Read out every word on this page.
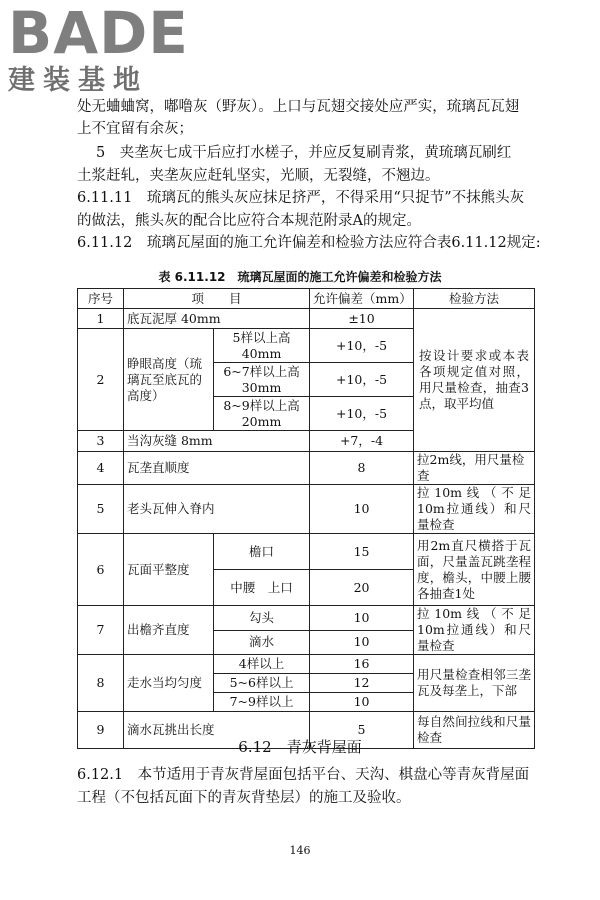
BADE
建装基地
处无蛐蛐窝，嘟噜灰（野灰）。上口与瓦翅交接处应严实，琉璃瓦瓦翅
上不宜留有余灰；
5　夹垄灰七成干后应打水槎子，并应反复刷青浆，黄琉璃瓦刷红
土浆赶轧，夹垄灰应赶轧坚实，光顺，无裂缝，不翘边。
6.11.11　琉璃瓦的熊头灰应抹足挤严，不得采用“只捉节”不抹熊头灰
的做法，熊头灰的配合比应符合本规范附录A的规定。
6.11.12　琉璃瓦屋面的施工允许偏差和检验方法应符合表6.11.12规定:
表 6.11.12　琉璃瓦屋面的施工允许偏差和检验方法
序号	项　　目		允许偏差（mm）	检验方法
1	底瓦泥厚 40mm		±10	按设计要求或本表各项规定值对照，用尺量检查，抽查3点，取平均值
2	睁眼高度（琉璃瓦至底瓦的高度）	5样以上高40mm	+10，-5	
		6~7样以上高30mm	+10，-5	
		8~9样以上高20mm	+10，-5	
3	当沟灰缝 8mm		+7，-4	
4	瓦垄直顺度		8	拉2m线，用尺量检查
5	老头瓦伸入脊内		10	拉10m线（不足10m拉通线）和尺量检查
6	瓦面平整度	檐口	15	用2m直尺横搭于瓦面，尺量盖瓦跳垄程度，檐头，中腰上腰各抽查1处
		中腰　上口	20	
7	出檐齐直度	勾头	10	拉10m线（不足10m拉通线）和尺量检查
		滴水	10	
8	走水当均匀度	4样以上	16	用尺量检查相邻三垄瓦及每垄上，下部
		5~6样以上	12	
		7~9样以上	10	
9	滴水瓦挑出长度		5	每自然间拉线和尺量检查
6.12　青灰背屋面
6.12.1　本节适用于青灰背屋面包括平台、天沟、棋盘心等青灰背屋面
工程（不包括瓦面下的青灰背垫层）的施工及验收。
146
